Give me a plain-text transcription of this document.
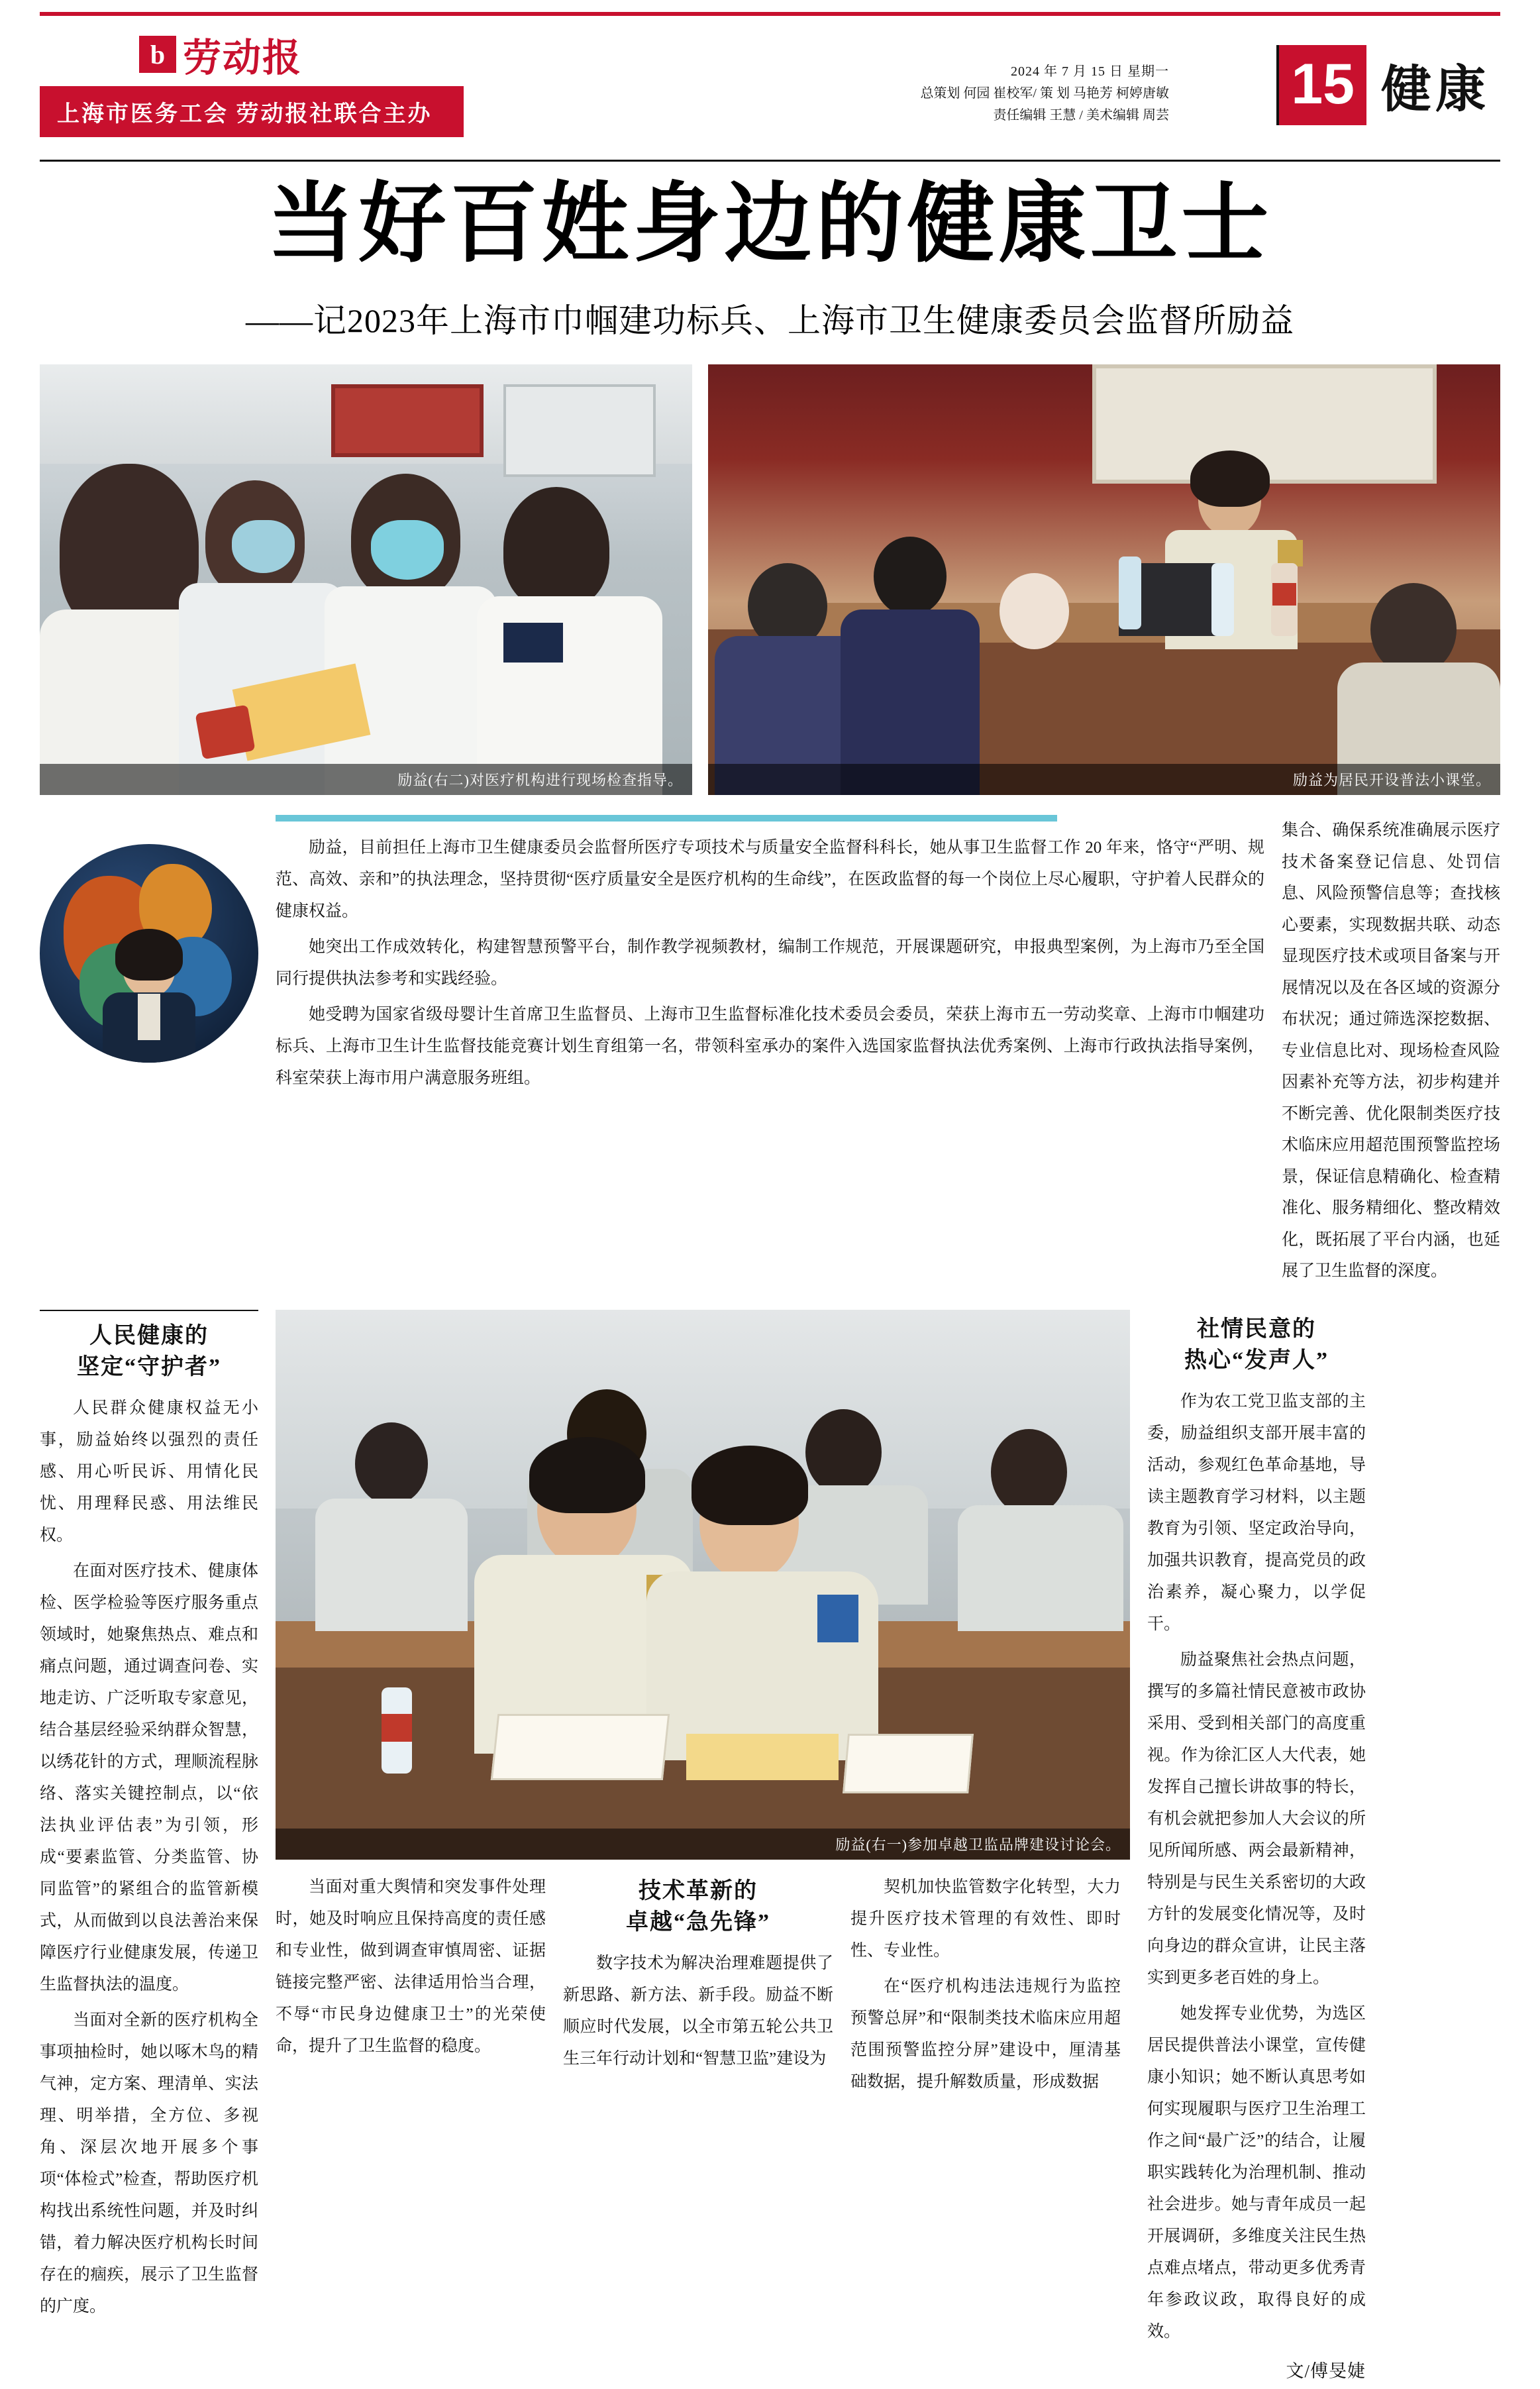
b 劳动报
上海市医务工会 劳动报社联合主办
2024 年 7 月 15 日 星期一
总策划 何园 崔校军/ 策 划 马艳芳 柯婷唐敏
责任编辑 王慧 / 美术编辑 周芸 15 健康
当好百姓身边的健康卫士
——记2023年上海市巾帼建功标兵、上海市卫生健康委员会监督所励益
励益(右二)对医疗机构进行现场检查指导。	励益为居民开设普法小课堂。

励益，目前担任上海市卫生健康委员会监督所医疗专项技术与质量安全监督科科长，她从事卫生监督工作 20 年来，恪守“严明、规范、高效、亲和”的执法理念，坚持贯彻“医疗质量安全是医疗机构的生命线”，在医政监督的每一个岗位上尽心履职，守护着人民群众的健康权益。

她突出工作成效转化，构建智慧预警平台，制作教学视频教材，编制工作规范，开展课题研究，申报典型案例，为上海市乃至全国同行提供执法参考和实践经验。

她受聘为国家省级母婴计生首席卫生监督员、上海市卫生监督标准化技术委员会委员，荣获上海市五一劳动奖章、上海市巾帼建功标兵、上海市卫生计生监督技能竞赛计划生育组第一名，带领科室承办的案件入选国家监督执法优秀案例、上海市行政执法指导案例，科室荣获上海市用户满意服务班组。

集合、确保系统准确展示医疗技术备案登记信息、处罚信息、风险预警信息等；查找核心要素，实现数据共联、动态显现医疗技术或项目备案与开展情况以及在各区域的资源分布状况；通过筛选深挖数据、专业信息比对、现场检查风险因素补充等方法，初步构建并不断完善、优化限制类医疗技术临床应用超范围预警监控场景，保证信息精确化、检查精准化、服务精细化、整改精效化，既拓展了平台内涵，也延展了卫生监督的深度。

人民健康的
坚定“守护者”

人民群众健康权益无小事，励益始终以强烈的责任感、用心听民诉、用情化民忧、用理释民惑、用法维民权。

在面对医疗技术、健康体检、医学检验等医疗服务重点领域时，她聚焦热点、难点和痛点问题，通过调查问卷、实地走访、广泛听取专家意见，结合基层经验采纳群众智慧，以绣花针的方式，理顺流程脉络、落实关键控制点，以“依法执业评估表”为引领，形成“要素监管、分类监管、协同监管”的紧组合的监管新模式，从而做到以良法善治来保障医疗行业健康发展，传递卫生监督执法的温度。

当面对全新的医疗机构全事项抽检时，她以啄木鸟的精气神，定方案、理清单、实法理、明举措，全方位、多视角、深层次地开展多个事项“体检式”检查，帮助医疗机构找出系统性问题，并及时纠错，着力解决医疗机构长时间存在的痼疾，展示了卫生监督的广度。

励益(右一)参加卓越卫监品牌建设讨论会。

当面对重大舆情和突发事件处理时，她及时响应且保持高度的责任感和专业性，做到调查审慎周密、证据链接完整严密、法律适用恰当合理，不辱“市民身边健康卫士”的光荣使命，提升了卫生监督的稳度。

技术革新的
卓越“急先锋”

数字技术为解决治理难题提供了新思路、新方法、新手段。励益不断顺应时代发展，以全市第五轮公共卫生三年行动计划和“智慧卫监”建设为

契机加快监管数字化转型，大力提升医疗技术管理的有效性、即时性、专业性。

在“医疗机构违法违规行为监控预警总屏”和“限制类技术临床应用超范围预警监控分屏”建设中，厘清基础数据，提升解数质量，形成数据

社情民意的
热心“发声人”

作为农工党卫监支部的主委，励益组织支部开展丰富的活动，参观红色革命基地，导读主题教育学习材料，以主题教育为引领、坚定政治导向，加强共识教育，提高党员的政治素养，凝心聚力，以学促干。

励益聚焦社会热点问题，撰写的多篇社情民意被市政协采用、受到相关部门的高度重视。作为徐汇区人大代表，她发挥自己擅长讲故事的特长，有机会就把参加人大会议的所见所闻所感、两会最新精神，特别是与民生关系密切的大政方针的发展变化情况等，及时向身边的群众宣讲，让民主落实到更多老百姓的身上。

她发挥专业优势，为选区居民提供普法小课堂，宣传健康小知识；她不断认真思考如何实现履职与医疗卫生治理工作之间“最广泛”的结合，让履职实践转化为治理机制、推动社会进步。她与青年成员一起开展调研，多维度关注民生热点难点堵点，带动更多优秀青年参政议政，取得良好的成效。

文/傅旻婕
